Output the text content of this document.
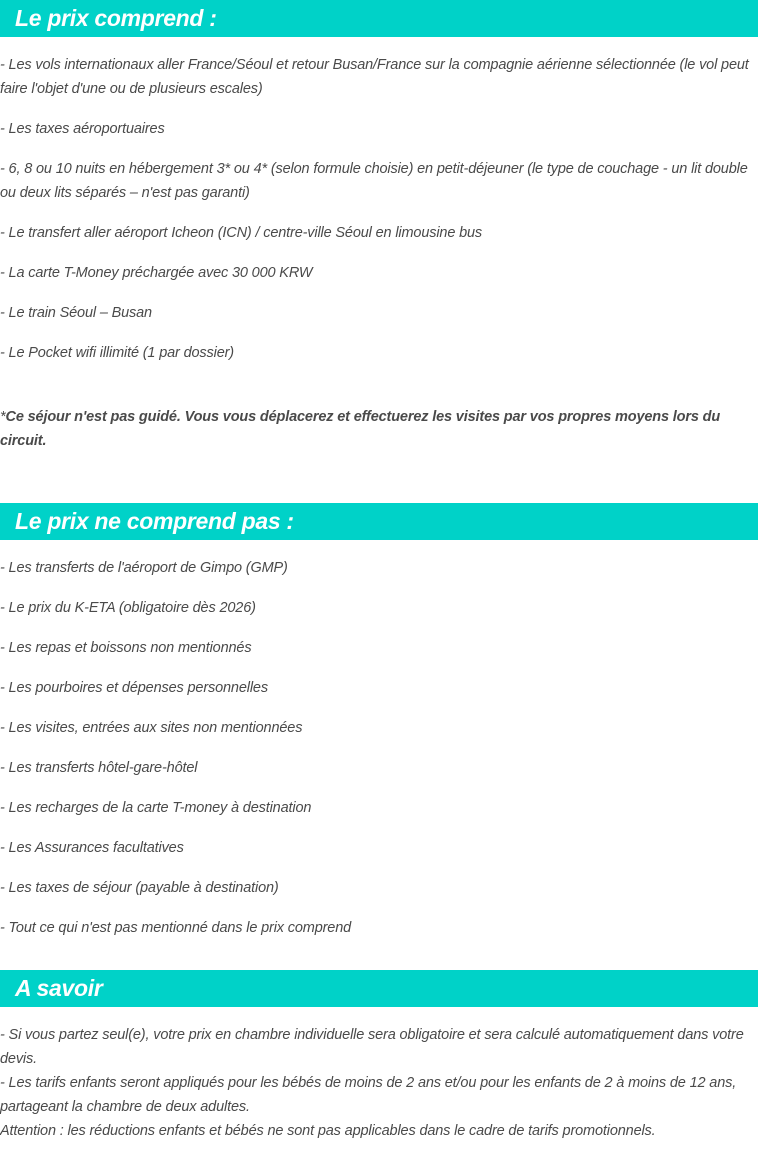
Le prix comprend :

- Les vols internationaux aller France/Séoul et retour Busan/France sur la compagnie aérienne sélectionnée (le vol peut faire l'objet d'une ou de plusieurs escales)

- Les taxes aéroportuaires

- 6, 8 ou 10 nuits en hébergement 3* ou 4* (selon formule choisie) en petit-déjeuner (le type de couchage - un lit double ou deux lits séparés – n'est pas garanti)

- Le transfert aller aéroport Icheon (ICN) / centre-ville Séoul en limousine bus

- La carte T-Money préchargée avec 30 000 KRW

- Le train Séoul – Busan

- Le Pocket wifi illimité (1 par dossier)

*Ce séjour n'est pas guidé. Vous vous déplacerez et effectuerez les visites par vos propres moyens lors du circuit.

Le prix ne comprend pas :

- Les transferts de l'aéroport de Gimpo (GMP)

- Le prix du K-ETA (obligatoire dès 2026)

- Les repas et boissons non mentionnés

- Les pourboires et dépenses personnelles

- Les visites, entrées aux sites non mentionnées

- Les transferts hôtel-gare-hôtel

- Les recharges de la carte T-money à destination

- Les Assurances facultatives

- Les taxes de séjour (payable à destination)

- Tout ce qui n'est pas mentionné dans le prix comprend

A savoir

- Si vous partez seul(e), votre prix en chambre individuelle sera obligatoire et sera calculé automatiquement dans votre devis.

- Les tarifs enfants seront appliqués pour les bébés de moins de 2 ans et/ou pour les enfants de 2 à moins de 12 ans, partageant la chambre de deux adultes.

Attention : les réductions enfants et bébés ne sont pas applicables dans le cadre de tarifs promotionnels.
